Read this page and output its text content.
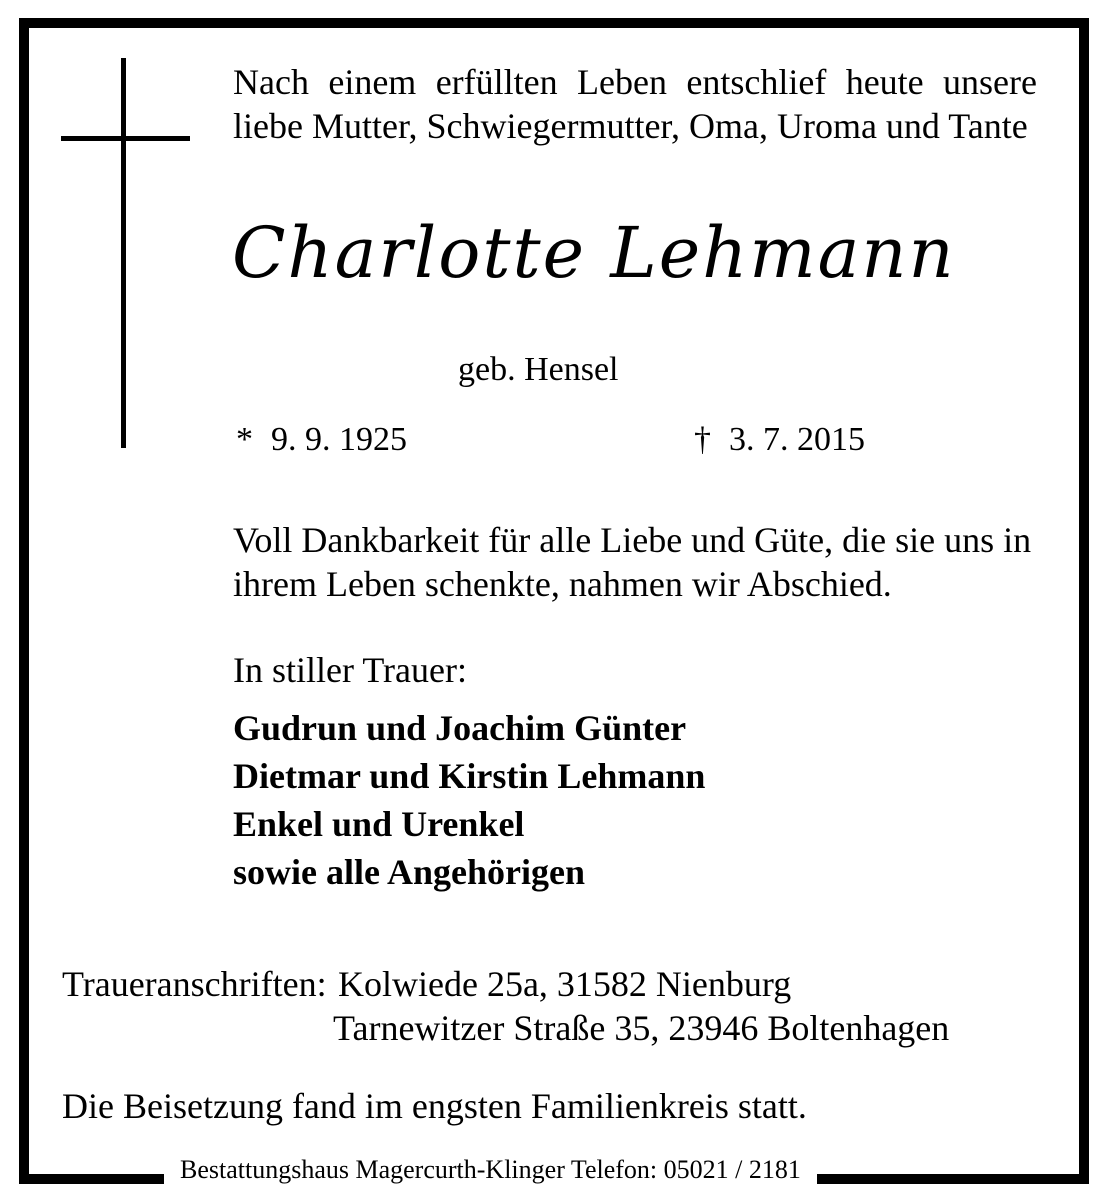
Nach einem erfüllten Leben entschlief heute unsere liebe Mutter, Schwiegermutter, Oma, Uroma und Tante

Charlotte Lehmann
geb. Hensel
* 9. 9. 1925	† 3. 7. 2015

Voll Dankbarkeit für alle Liebe und Güte, die sie uns in ihrem Leben schenkte, nahmen wir Abschied.

In stiller Trauer:
Gudrun und Joachim Günter
Dietmar und Kirstin Lehmann
Enkel und Urenkel
sowie alle Angehörigen
Traueranschriften: Kolwiede 25a, 31582 Nienburg
Tarnewitzer Straße 35, 23946 Boltenhagen
Die Beisetzung fand im engsten Familienkreis statt.
Bestattungshaus Magercurth-Klinger Telefon: 05021 / 2181
